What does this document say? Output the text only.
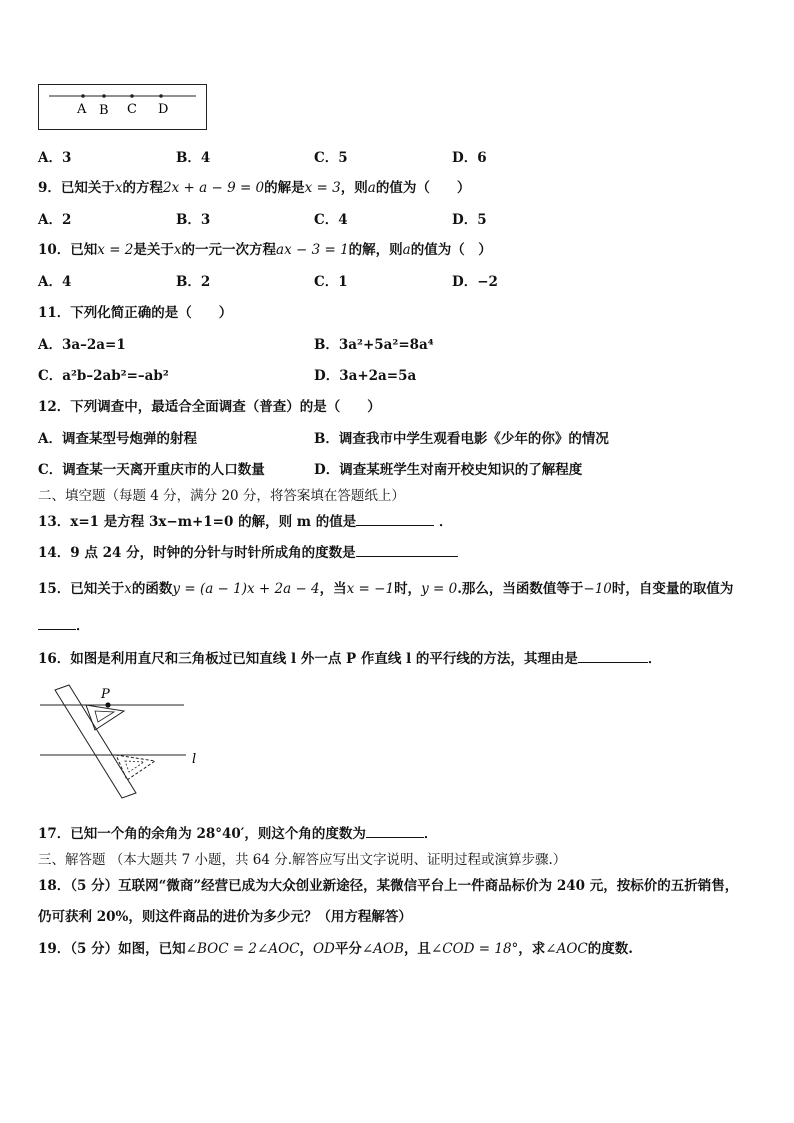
A B C D
A．3	B．4	C．5	D．6
9．已知关于x的方程2x + a − 9 = 0的解是x = 3，则a的值为（　　）
A．2	B．3	C．4	D．5
10．已知x = 2是关于x的一元一次方程ax − 3 = 1的解，则a的值为（　）
A．4	B．2	C．1	D．−2
11．下列化简正确的是（　　）
A．3a–2a=1	B．3a²+5a²=8a⁴
C．a²b–2ab²=–ab²	D．3a+2a=5a
12．下列调查中，最适合全面调查（普查）的是（　　）
A．调查某型号炮弹的射程	B．调查我市中学生观看电影《少年的你》的情况
C．调查某一天离开重庆市的人口数量	D．调查某班学生对南开校史知识的了解程度
二、填空题（每题 4 分，满分 20 分，将答案填在答题纸上）
13．x=1 是方程 3x−m+1=0 的解，则 m 的值是	．
14．9 点 24 分，时钟的分针与时针所成角的度数是
15．已知关于x的函数y = (a − 1)x + 2a − 4，当x = −1时，y = 0.那么，当函数值等于−10时，自变量的取值为
．
16．如图是利用直尺和三角板过已知直线 l 外一点 P 作直线 l 的平行线的方法，其理由是	．
P
l
17．已知一个角的余角为 28°40′，则这个角的度数为	．
三、解答题 （本大题共 7 小题，共 64 分.解答应写出文字说明、证明过程或演算步骤.）
18．（5 分）互联网“微商”经营已成为大众创业新途径，某微信平台上一件商品标价为 240 元，按标价的五折销售，
仍可获利 20%，则这件商品的进价为多少元？（用方程解答）
19．（5 分）如图，已知∠BOC = 2∠AOC，OD平分∠AOB，且∠COD = 18°，求∠AOC的度数.
